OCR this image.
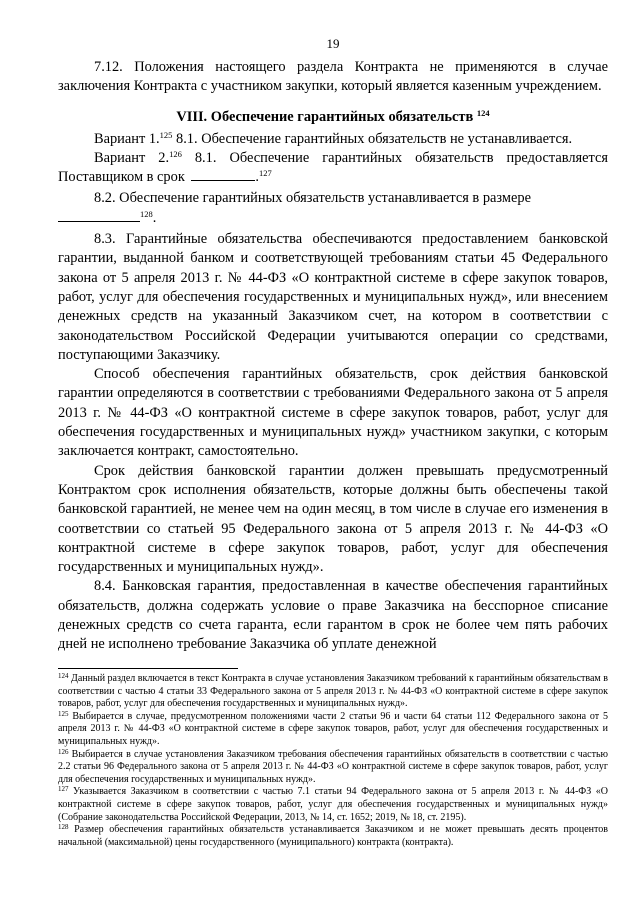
19

7.12. Положения настоящего раздела Контракта не применяются в случае заключения Контракта с участником закупки, который является казенным учреждением.

VIII. Обеспечение гарантийных обязательств $^{124}$

Вариант 1.$^{125}$ 8.1. Обеспечение гарантийных обязательств не устанавливается.

Вариант 2.$^{126}$ 8.1. Обеспечение гарантийных обязательств предоставляется Поставщиком в срок	.$^{127}$

8.2. Обеспечение гарантийных обязательств устанавливается в размере

$^{128}$.

8.3. Гарантийные обязательства обеспечиваются предоставлением банковской гарантии, выданной банком и соответствующей требованиям статьи 45 Федерального закона от 5 апреля 2013 г. № 44-ФЗ «О контрактной системе в сфере закупок товаров, работ, услуг для обеспечения государственных и муниципальных нужд», или внесением денежных средств на указанный Заказчиком счет, на котором в соответствии с законодательством Российской Федерации учитываются операции со средствами, поступающими Заказчику.

Способ обеспечения гарантийных обязательств, срок действия банковской гарантии определяются в соответствии с требованиями Федерального закона от 5 апреля 2013 г. № 44-ФЗ «О контрактной системе в сфере закупок товаров, работ, услуг для обеспечения государственных и муниципальных нужд» участником закупки, с которым заключается контракт, самостоятельно.

Срок действия банковской гарантии должен превышать предусмотренный Контрактом срок исполнения обязательств, которые должны быть обеспечены такой банковской гарантией, не менее чем на один месяц, в том числе в случае его изменения в соответствии со статьей 95 Федерального закона от 5 апреля 2013 г. № 44-ФЗ «О контрактной системе в сфере закупок товаров, работ, услуг для обеспечения государственных и муниципальных нужд».

8.4. Банковская гарантия, предоставленная в качестве обеспечения гарантийных обязательств, должна содержать условие о праве Заказчика на бесспорное списание денежных средств со счета гаранта, если гарантом в срок не более чем пять рабочих дней не исполнено требование Заказчика об уплате денежной

$^{124}$ Данный раздел включается в текст Контракта в случае установления Заказчиком требований к гарантийным обязательствам в соответствии с частью 4 статьи 33 Федерального закона от 5 апреля 2013 г. № 44-ФЗ «О контрактной системе в сфере закупок товаров, работ, услуг для обеспечения государственных и муниципальных нужд».

$^{125}$ Выбирается в случае, предусмотренном положениями части 2 статьи 96 и части 64 статьи 112 Федерального закона от 5 апреля 2013 г. № 44-ФЗ «О контрактной системе в сфере закупок товаров, работ, услуг для обеспечения государственных и муниципальных нужд».

$^{126}$ Выбирается в случае установления Заказчиком требования обеспечения гарантийных обязательств в соответствии с частью 2.2 статьи 96 Федерального закона от 5 апреля 2013 г. № 44-ФЗ «О контрактной системе в сфере закупок товаров, работ, услуг для обеспечения государственных и муниципальных нужд».

$^{127}$ Указывается Заказчиком в соответствии с частью 7.1 статьи 94 Федерального закона от 5 апреля 2013 г. № 44-ФЗ «О контрактной системе в сфере закупок товаров, работ, услуг для обеспечения государственных и муниципальных нужд» (Собрание законодательства Российской Федерации, 2013, № 14, ст. 1652; 2019, № 18, ст. 2195).

$^{128}$ Размер обеспечения гарантийных обязательств устанавливается Заказчиком и не может превышать десять процентов начальной (максимальной) цены государственного (муниципального) контракта (контракта).
